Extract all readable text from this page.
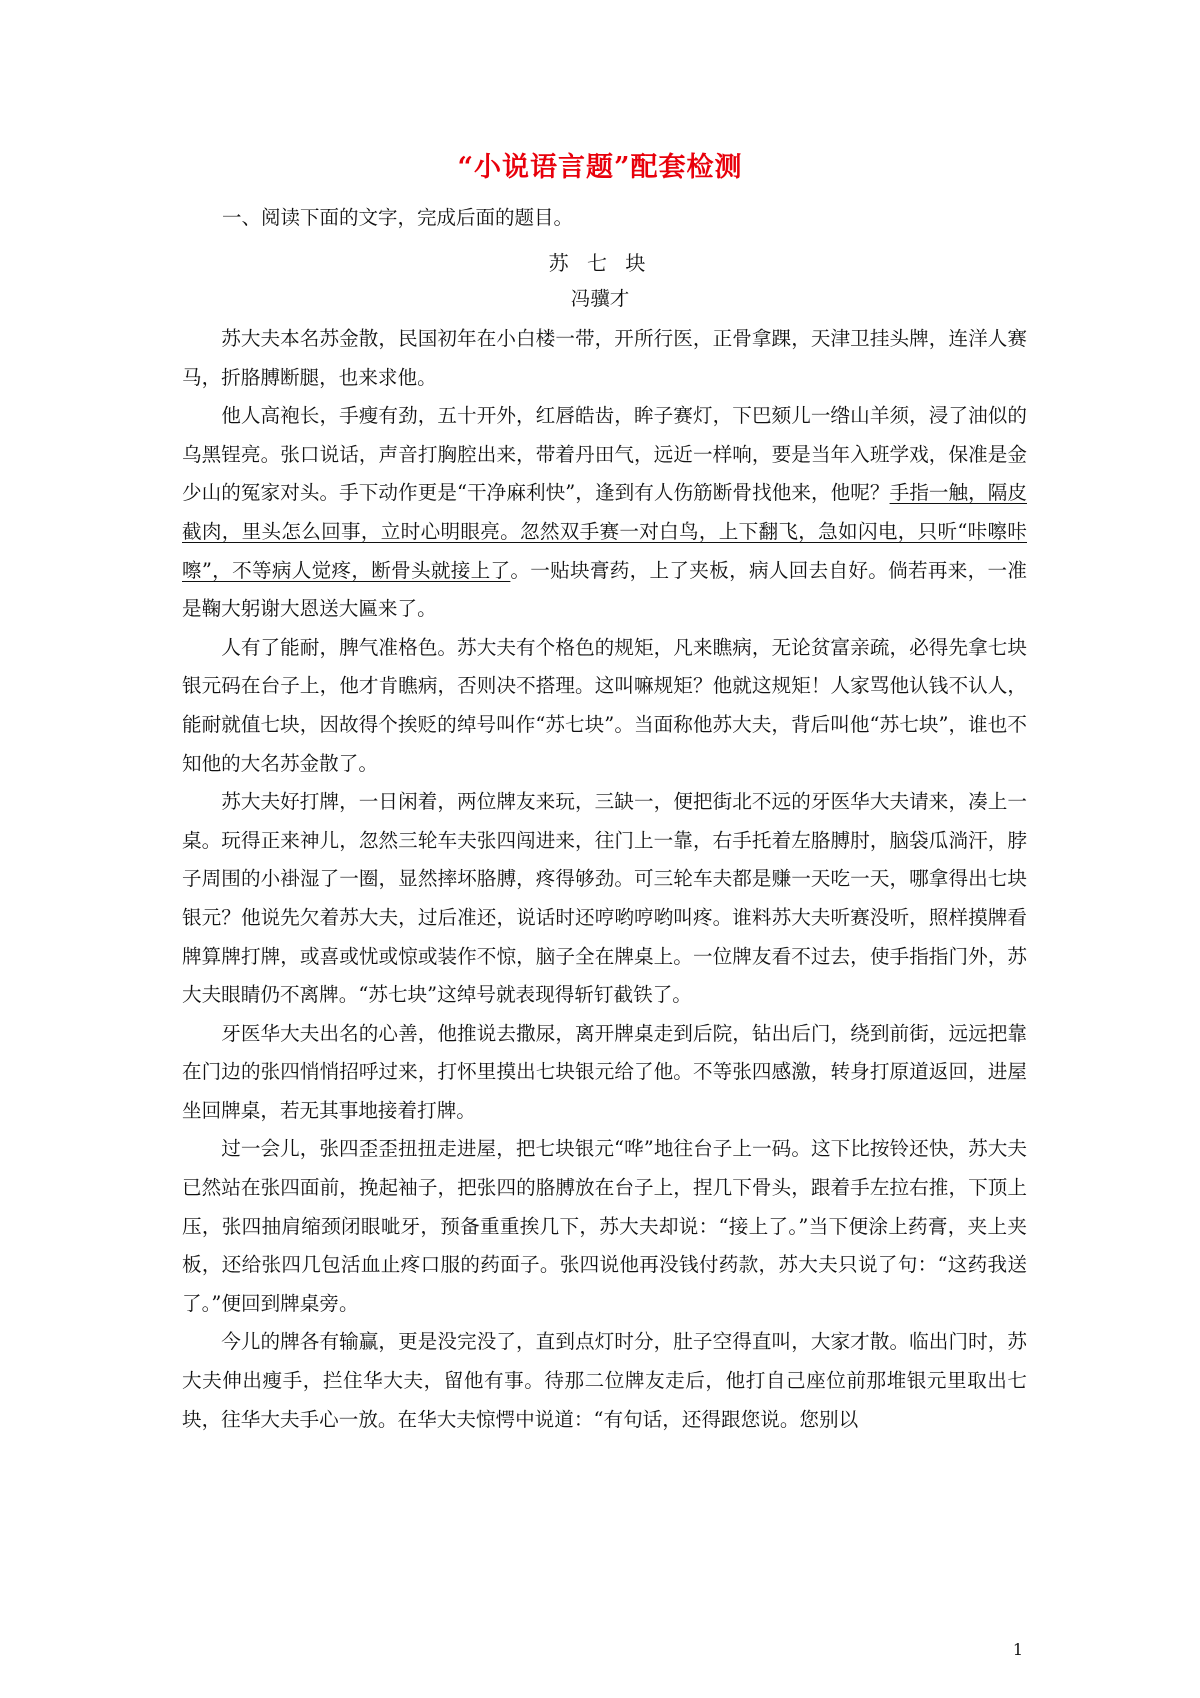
“小说语言题”配套检测
一、阅读下面的文字，完成后面的题目。
苏 七 块
冯骥才

苏大夫本名苏金散，民国初年在小白楼一带，开所行医，正骨拿踝，天津卫挂头牌，连洋人赛马，折胳膊断腿，也来求他。

他人高袍长，手瘦有劲，五十开外，红唇皓齿，眸子赛灯，下巴颏儿一绺山羊须，浸了油似的乌黑锃亮。张口说话，声音打胸腔出来，带着丹田气，远近一样响，要是当年入班学戏，保准是金少山的冤家对头。手下动作更是“干净麻利快”，逢到有人伤筋断骨找他来，他呢？手指一触，隔皮截肉，里头怎么回事，立时心明眼亮。忽然双手赛一对白鸟，上下翻飞，急如闪电，只听“咔嚓咔嚓”，不等病人觉疼，断骨头就接上了。一贴块膏药，上了夹板，病人回去自好。倘若再来，一准是鞠大躬谢大恩送大匾来了。

人有了能耐，脾气准格色。苏大夫有个格色的规矩，凡来瞧病，无论贫富亲疏，必得先拿七块银元码在台子上，他才肯瞧病，否则决不搭理。这叫嘛规矩？他就这规矩！人家骂他认钱不认人，能耐就值七块，因故得个挨贬的绰号叫作“苏七块”。当面称他苏大夫，背后叫他“苏七块”，谁也不知他的大名苏金散了。

苏大夫好打牌，一日闲着，两位牌友来玩，三缺一，便把街北不远的牙医华大夫请来，凑上一桌。玩得正来神儿，忽然三轮车夫张四闯进来，往门上一靠，右手托着左胳膊肘，脑袋瓜淌汗，脖子周围的小褂湿了一圈，显然摔坏胳膊，疼得够劲。可三轮车夫都是赚一天吃一天，哪拿得出七块银元？他说先欠着苏大夫，过后准还，说话时还哼哟哼哟叫疼。谁料苏大夫听赛没听，照样摸牌看牌算牌打牌，或喜或忧或惊或装作不惊，脑子全在牌桌上。一位牌友看不过去，使手指指门外，苏大夫眼睛仍不离牌。“苏七块”这绰号就表现得斩钉截铁了。

牙医华大夫出名的心善，他推说去撒尿，离开牌桌走到后院，钻出后门，绕到前街，远远把靠在门边的张四悄悄招呼过来，打怀里摸出七块银元给了他。不等张四感激，转身打原道返回，进屋坐回牌桌，若无其事地接着打牌。

过一会儿，张四歪歪扭扭走进屋，把七块银元“哗”地往台子上一码。这下比按铃还快，苏大夫已然站在张四面前，挽起袖子，把张四的胳膊放在台子上，捏几下骨头，跟着手左拉右推，下顶上压，张四抽肩缩颈闭眼呲牙，预备重重挨几下，苏大夫却说：“接上了。”当下便涂上药膏，夹上夹板，还给张四几包活血止疼口服的药面子。张四说他再没钱付药款，苏大夫只说了句：“这药我送了。”便回到牌桌旁。

今儿的牌各有输赢，更是没完没了，直到点灯时分，肚子空得直叫，大家才散。临出门时，苏大夫伸出瘦手，拦住华大夫，留他有事。待那二位牌友走后，他打自己座位前那堆银元里取出七块，往华大夫手心一放。在华大夫惊愕中说道：“有句话，还得跟您说。您别以

1
